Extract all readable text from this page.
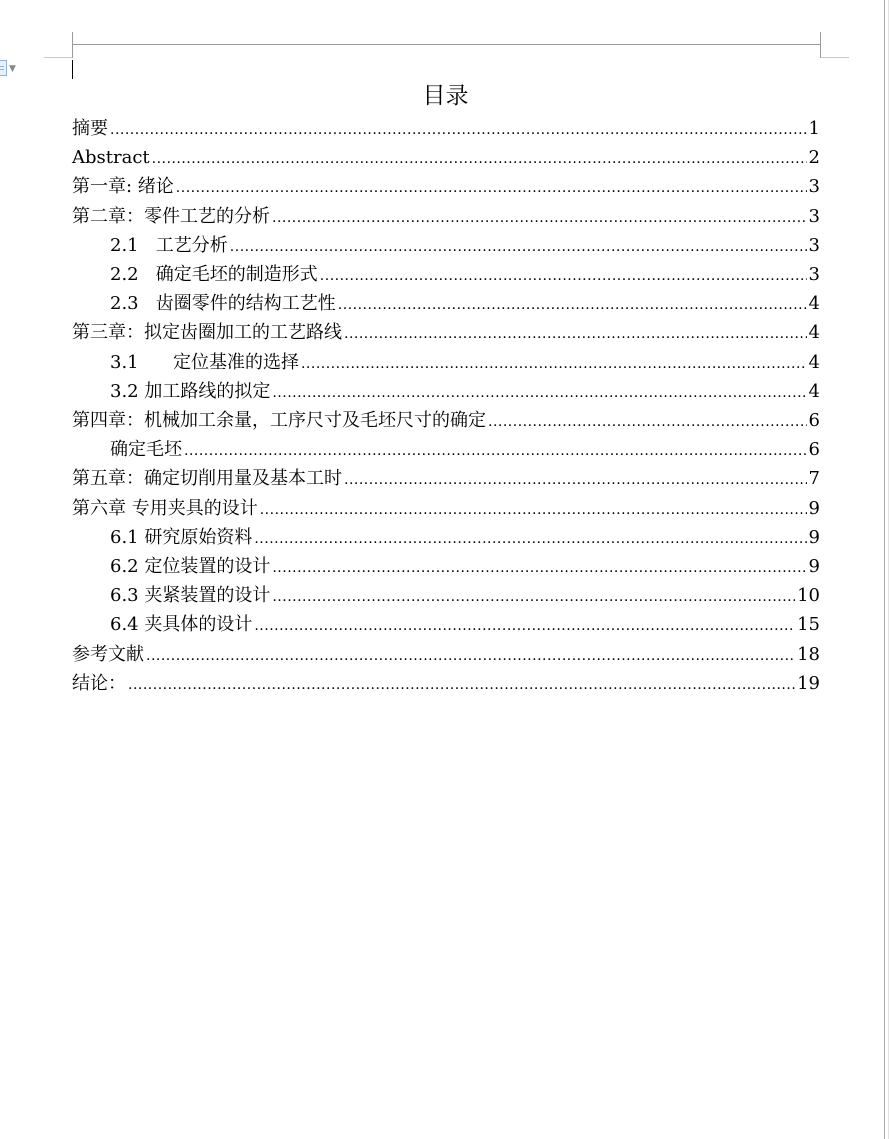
▼
目录
摘要 .....	1
Abstract .....	2
第一章: 绪论 .....	3
第二章：零件工艺的分析 .....	3
2.1   工艺分析 .....	3
2.2   确定毛坯的制造形式 .....	3
2.3   齿圈零件的结构工艺性 .....	4
第三章：拟定齿圈加工的工艺路线 .....	4
3.1      定位基准的选择 .....	4
3.2 加工路线的拟定 .....	4
第四章：机械加工余量，工序尺寸及毛坯尺寸的确定 .....	6
确定毛坯 .....	6
第五章：确定切削用量及基本工时 .....	7
第六章 专用夹具的设计 .....	9
6.1 研究原始资料 .....	9
6.2 定位装置的设计 .....	9
6.3 夹紧装置的设计 .....	10
6.4 夹具体的设计 .....	15
参考文献 .....	18
结论： .....	19
